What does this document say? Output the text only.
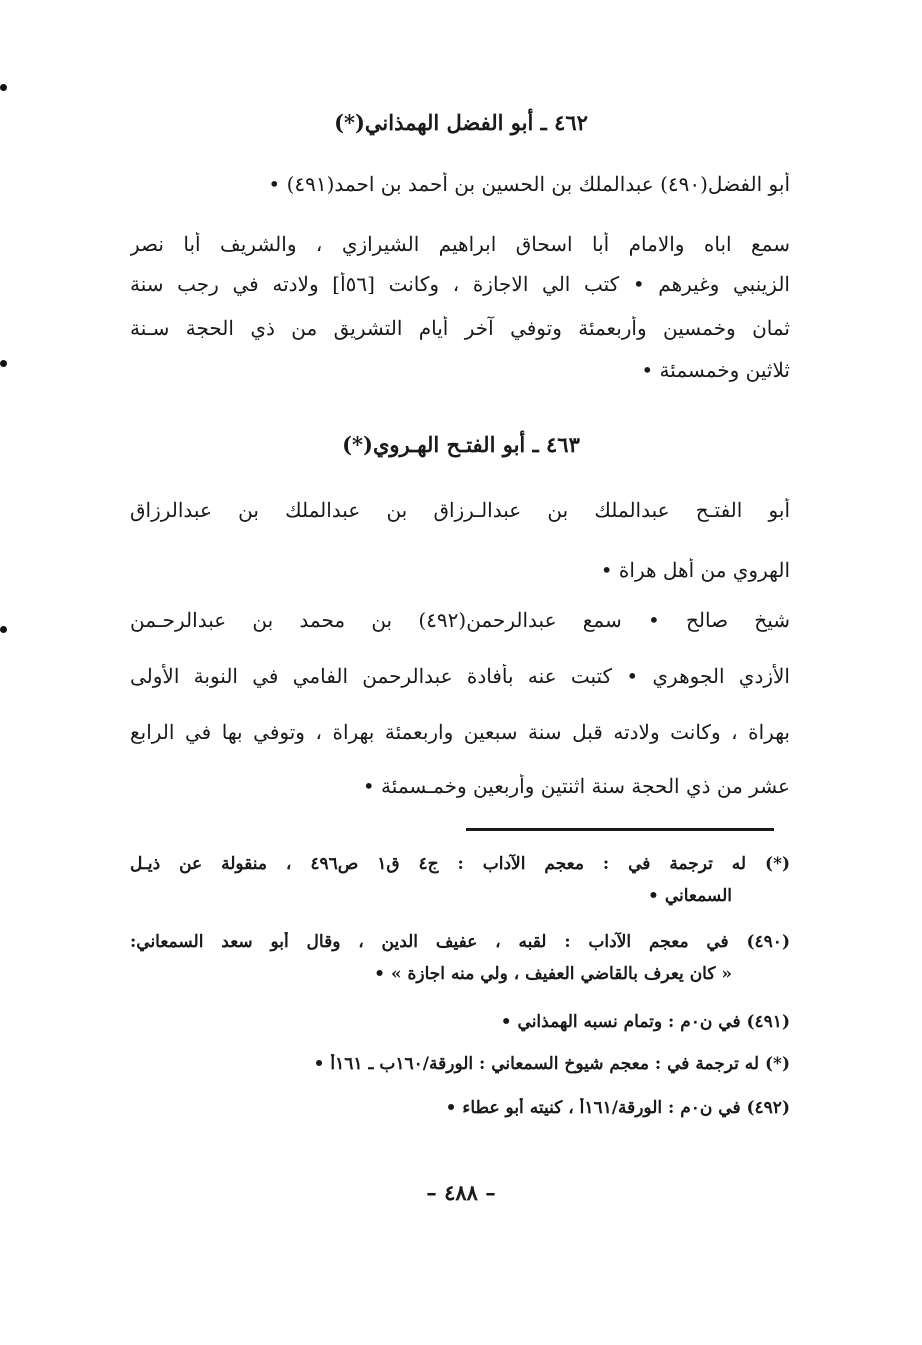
٤٦٢ ـ أبو الفضل الهمذاني(*)
أبو الفضل(٤٩٠) عبدالملك بن الحسين بن أحمد بن احمد(٤٩١) •
سمع اباه والامام أبا اسحاق ابراهيم الشيرازي ، والشريف أبا نصر
الزينبي وغيرهم • كتب الي الاجازة ، وكانت [٥٦أ] ولادته في رجب سنة
ثمان وخمسين وأربعمئة وتوفي آخر أيام التشريق من ذي الحجة سـنة
ثلاثين وخمسمئة •
٤٦٣ ـ أبو الفتـح الهـروي(*)
أبو الفتـح عبدالملك بن عبدالـرزاق بن عبدالملك بن عبدالرزاق
الهروي من أهل هراة •
شيخ صالح • سمع عبدالرحمن(٤٩٢) بن محمد بن عبدالرحـمن
الأزدي الجوهري • كتبت عنه بأفادة عبدالرحمن الفامي في النوبة الأولى
بهراة ، وكانت ولادته قبل سنة سبعين واربعمئة بهراة ، وتوفي بها في الرابع
عشر من ذي الحجة سنة اثنتين وأربعين وخمـسمئة •
(*) له ترجمة في : معجم الآداب : ج٤ ق١ ص٤٩٦ ، منقولة عن ذيـل
السمعاني •
(٤٩٠) في معجم الآداب : لقبه ، عفيف الدين ، وقال أبو سعد السمعاني:
« كان يعرف بالقاضي العفيف ، ولي منه اجازة » •
(٤٩١) في ن٠م : وتمام نسبه الهمذاني •
(*) له ترجمة في : معجم شيوخ السمعاني : الورقة/١٦٠ب ـ ١٦١أ •
(٤٩٢) في ن٠م : الورقة/١٦١أ ، كنيته أبو عطاء •
– ٤٨٨ –
